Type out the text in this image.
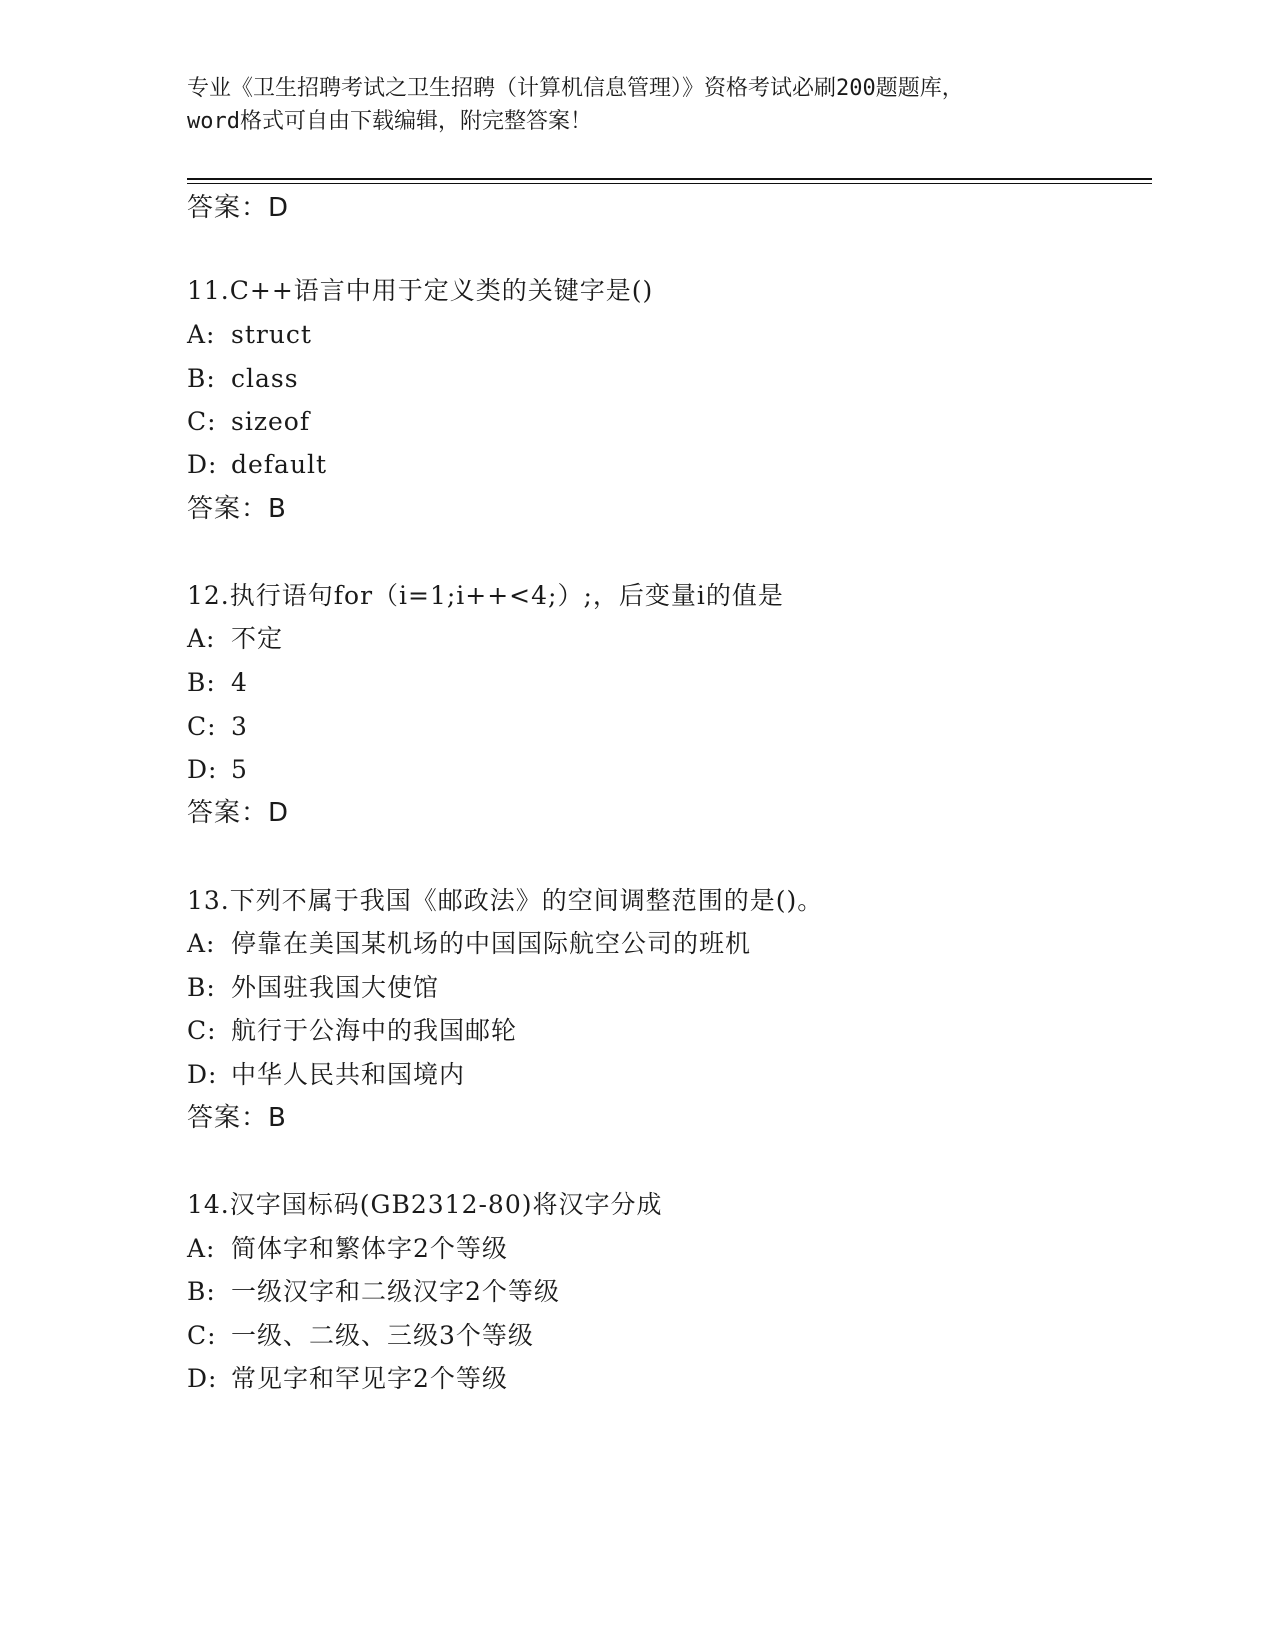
专业《卫生招聘考试之卫生招聘（计算机信息管理）》资格考试必刷200题题库，
word格式可自由下载编辑，附完整答案！
答案：D
11.C++语言中用于定义类的关键字是()
A: struct
B: class
C: sizeof
D: default
答案：B
12.执行语句for（i=1;i++<4;）;，后变量i的值是
A: 不定
B: 4
C: 3
D: 5
答案：D
13.下列不属于我国《邮政法》的空间调整范围的是()。
A: 停靠在美国某机场的中国国际航空公司的班机
B: 外国驻我国大使馆
C: 航行于公海中的我国邮轮
D: 中华人民共和国境内
答案：B
14.汉字国标码(GB2312-80)将汉字分成
A: 简体字和繁体字2个等级
B: 一级汉字和二级汉字2个等级
C: 一级、二级、三级3个等级
D: 常见字和罕见字2个等级
